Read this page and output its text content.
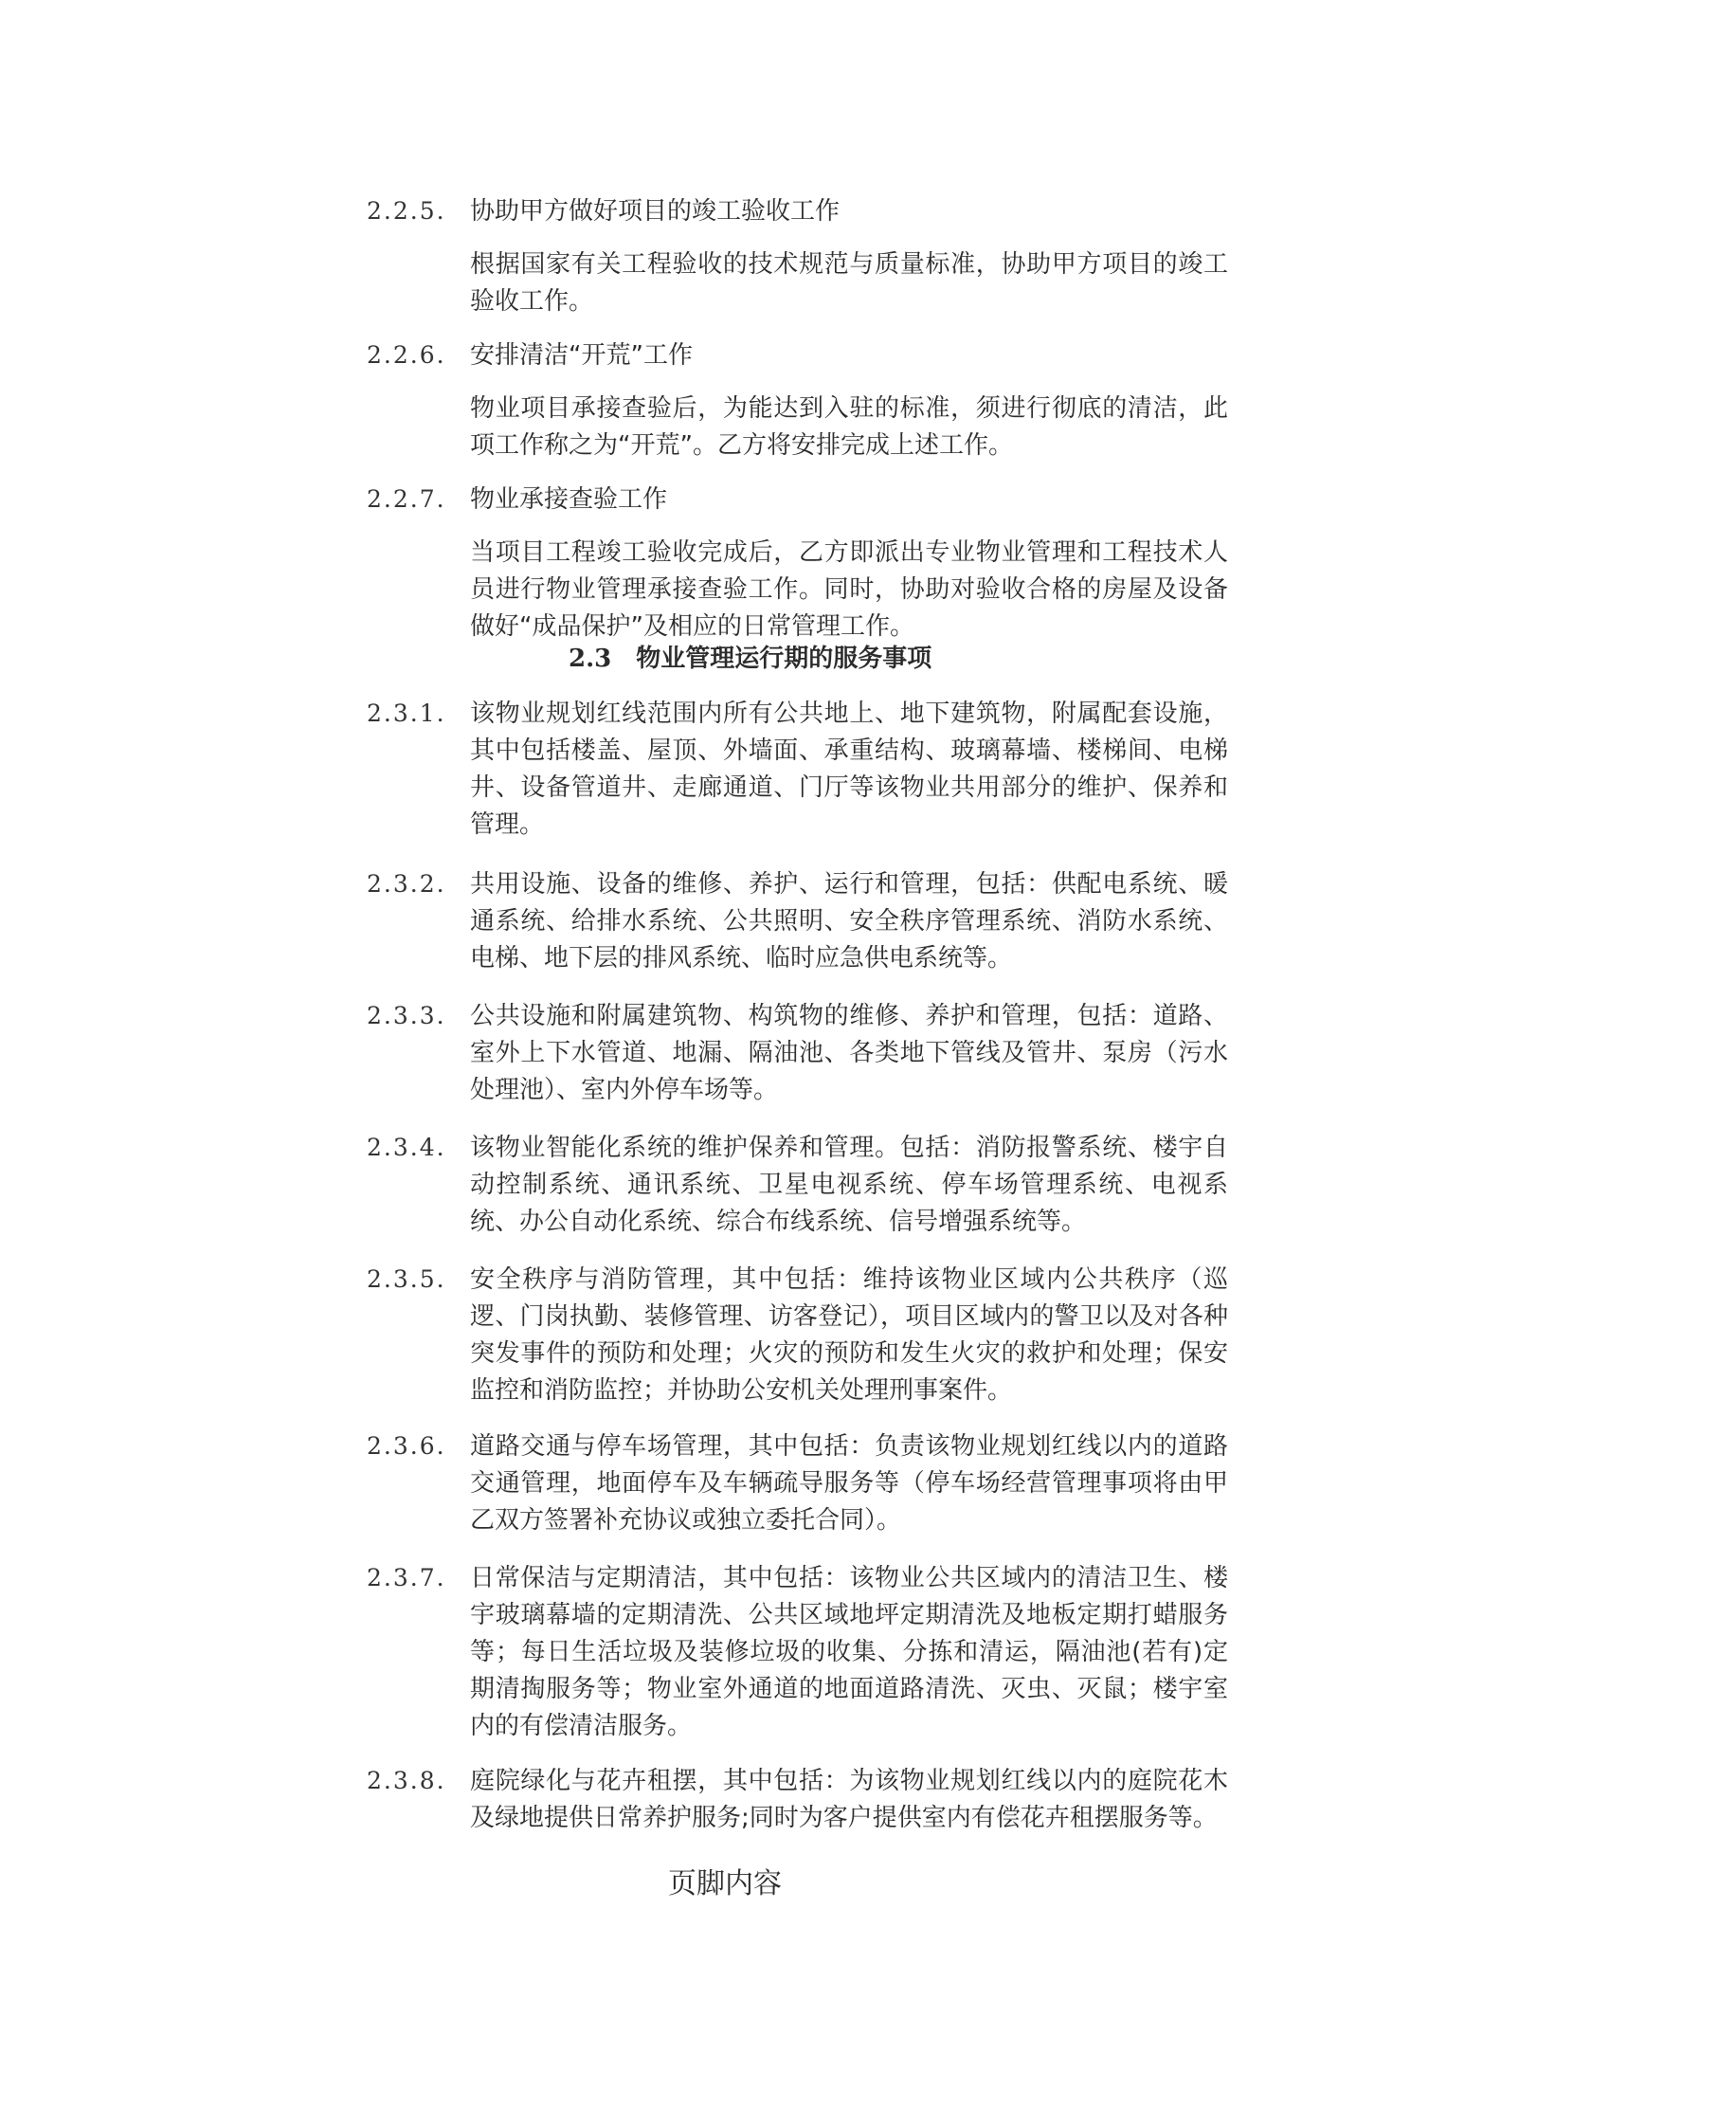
2.2.5. 协助甲方做好项目的竣工验收工作
根据国家有关工程验收的技术规范与质量标准，协助甲方项目的竣工验收工作。
2.2.6. 安排清洁“开荒”工作
物业项目承接查验后，为能达到入驻的标准，须进行彻底的清洁，此项工作称之为“开荒”。乙方将安排完成上述工作。
2.2.7. 物业承接查验工作
当项目工程竣工验收完成后，乙方即派出专业物业管理和工程技术人员进行物业管理承接查验工作。同时，协助对验收合格的房屋及设备做好“成品保护”及相应的日常管理工作。
2.3 物业管理运行期的服务事项
2.3.1. 该物业规划红线范围内所有公共地上、地下建筑物，附属配套设施，其中包括楼盖、屋顶、外墙面、承重结构、玻璃幕墙、楼梯间、电梯井、设备管道井、走廊通道、门厅等该物业共用部分的维护、保养和管理。
2.3.2. 共用设施、设备的维修、养护、运行和管理，包括：供配电系统、暖通系统、给排水系统、公共照明、安全秩序管理系统、消防水系统、电梯、地下层的排风系统、临时应急供电系统等。
2.3.3. 公共设施和附属建筑物、构筑物的维修、养护和管理，包括：道路、室外上下水管道、地漏、隔油池、各类地下管线及管井、泵房（污水处理池）、室内外停车场等。
2.3.4. 该物业智能化系统的维护保养和管理。包括：消防报警系统、楼宇自动控制系统、通讯系统、卫星电视系统、停车场管理系统、电视系统、办公自动化系统、综合布线系统、信号增强系统等。
2.3.5. 安全秩序与消防管理，其中包括：维持该物业区域内公共秩序（巡逻、门岗执勤、装修管理、访客登记），项目区域内的警卫以及对各种突发事件的预防和处理；火灾的预防和发生火灾的救护和处理；保安监控和消防监控；并协助公安机关处理刑事案件。
2.3.6. 道路交通与停车场管理，其中包括：负责该物业规划红线以内的道路交通管理，地面停车及车辆疏导服务等（停车场经营管理事项将由甲乙双方签署补充协议或独立委托合同）。
2.3.7. 日常保洁与定期清洁，其中包括：该物业公共区域内的清洁卫生、楼宇玻璃幕墙的定期清洗、公共区域地坪定期清洗及地板定期打蜡服务等；每日生活垃圾及装修垃圾的收集、分拣和清运，隔油池(若有)定期清掏服务等；物业室外通道的地面道路清洗、灭虫、灭鼠；楼宇室内的有偿清洁服务。
2.3.8. 庭院绿化与花卉租摆，其中包括：为该物业规划红线以内的庭院花木及绿地提供日常养护服务;同时为客户提供室内有偿花卉租摆服务等。
页脚内容
